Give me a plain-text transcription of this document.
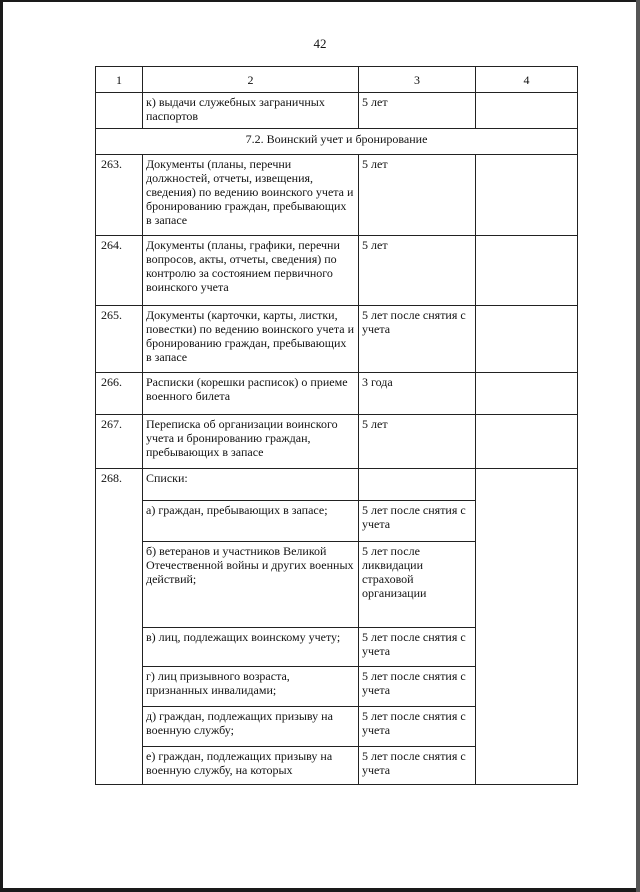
42
1	2	3	4
	к) выдачи служебных заграничных паспортов	5 лет	
7.2. Воинский учет и бронирование			
263.	Документы (планы, перечни должностей, отчеты, извещения, сведения) по ведению воинского учета и бронированию граждан, пребывающих в запасе	5 лет	
264.	Документы (планы, графики, перечни вопросов, акты, отчеты, сведения) по контролю за состоянием первичного воинского учета	5 лет	
265.	Документы (карточки, карты, листки, повестки) по ведению воинского учета и бронированию граждан, пребывающих в запасе	5 лет после снятия с учета	
266.	Расписки (корешки расписок) о приеме военного билета	3 года	
267.	Переписка об организации воинского учета и бронированию граждан, пребывающих в запасе	5 лет	
268.	Списки:		
	а) граждан, пребывающих в запасе;	5 лет после снятия с учета	
	б) ветеранов и участников Великой Отечественной войны и других военных действий;	5 лет после ликвидации страховой организации	
	в) лиц, подлежащих воинскому учету;	5 лет после снятия с учета	
	г) лиц призывного возраста, признанных инвалидами;	5 лет после снятия с учета	
	д) граждан, подлежащих призыву на военную службу;	5 лет после снятия с учета	
	е) граждан, подлежащих призыву на военную службу, на которых	5 лет после снятия с учета	
